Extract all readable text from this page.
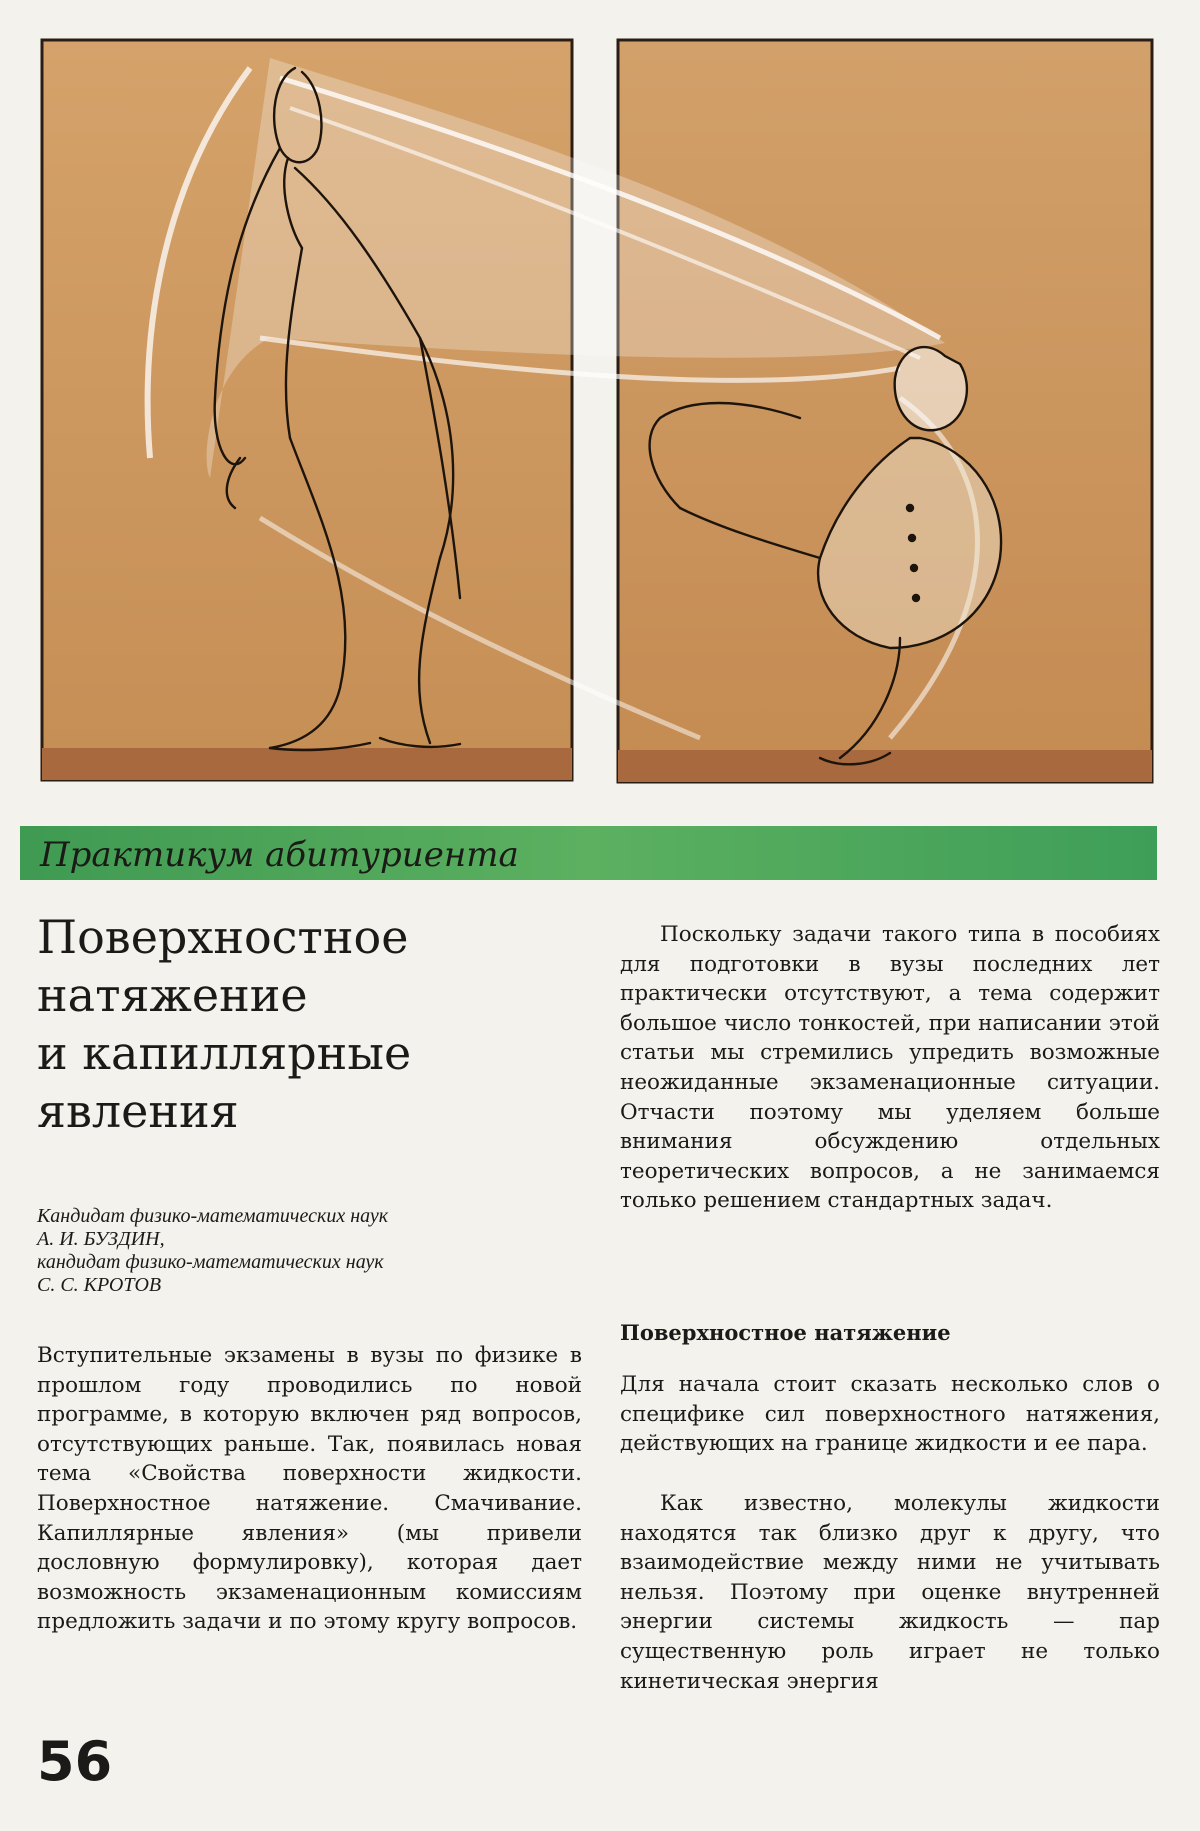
Практикум абитуриента
Поверхностное
натяжение
и капиллярные
явления
Кандидат физико-математических наук
А. И. БУЗДИН,
кандидат физико-математических наук
С. С. КРОТОВ

Вступительные экзамены в вузы по физике в прошлом году проводились по новой программе, в которую включен ряд вопросов, отсутствующих раньше. Так, появилась новая тема «Свойства поверхности жидкости. Поверхностное натяжение. Смачивание. Капиллярные явления» (мы привели дословную формулировку), которая дает возможность экзаменационным комиссиям предложить задачи и по этому кругу вопросов.

Поскольку задачи такого типа в пособиях для подготовки в вузы последних лет практически отсутствуют, а тема содержит большое число тонкостей, при написании этой статьи мы стремились упредить возможные неожиданные экзаменационные ситуации. Отчасти поэтому мы уделяем больше внимания обсуждению отдельных теоретических вопросов, а не занимаемся только решением стандартных задач.

Поверхностное натяжение

Для начала стоит сказать несколько слов о специфике сил поверхностного натяжения, действующих на границе жидкости и ее пара.

Как известно, молекулы жидкости находятся так близко друг к другу, что взаимодействие между ними не учитывать нельзя. Поэтому при оценке внутренней энергии системы жидкость — пар существенную роль играет не только кинетическая энергия

56
